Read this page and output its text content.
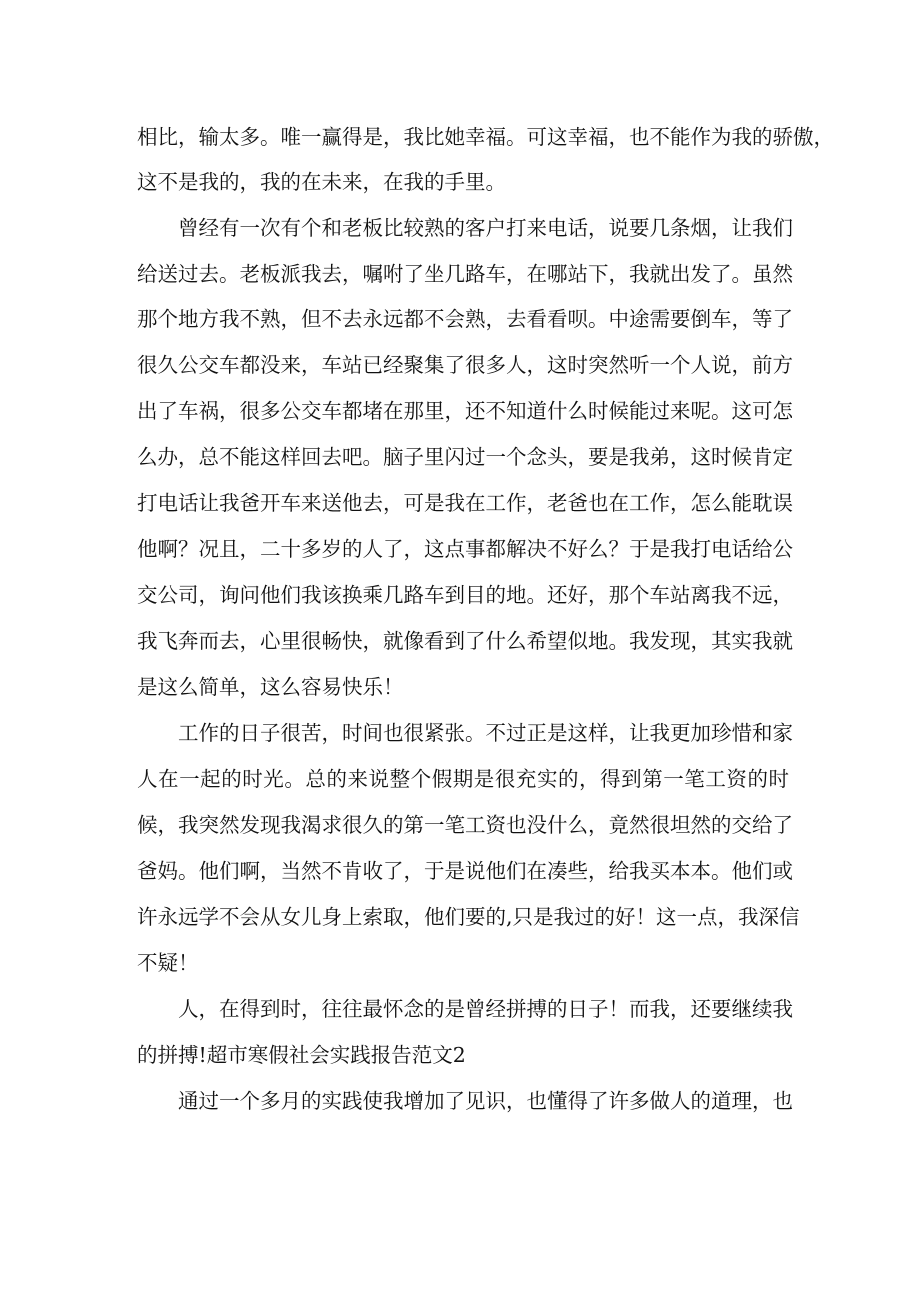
相比，输太多。唯一赢得是，我比她幸福。可这幸福，也不能作为我的骄傲，
这不是我的，我的在未来，在我的手里。
曾经有一次有个和老板比较熟的客户打来电话，说要几条烟，让我们
给送过去。老板派我去，嘱咐了坐几路车，在哪站下，我就出发了。虽然
那个地方我不熟，但不去永远都不会熟，去看看呗。中途需要倒车，等了
很久公交车都没来，车站已经聚集了很多人，这时突然听一个人说，前方
出了车祸，很多公交车都堵在那里，还不知道什么时候能过来呢。这可怎
么办，总不能这样回去吧。脑子里闪过一个念头，要是我弟，这时候肯定
打电话让我爸开车来送他去，可是我在工作，老爸也在工作，怎么能耽误
他啊？况且，二十多岁的人了，这点事都解决不好么？于是我打电话给公
交公司，询问他们我该换乘几路车到目的地。还好，那个车站离我不远，
我飞奔而去，心里很畅快，就像看到了什么希望似地。我发现，其实我就
是这么简单，这么容易快乐！
工作的日子很苦，时间也很紧张。不过正是这样，让我更加珍惜和家
人在一起的时光。总的来说整个假期是很充实的，得到第一笔工资的时
候，我突然发现我渴求很久的第一笔工资也没什么，竟然很坦然的交给了
爸妈。他们啊，当然不肯收了，于是说他们在凑些，给我买本本。他们或
许永远学不会从女儿身上索取，他们要的,只是我过的好！这一点，我深信
不疑！
人，在得到时，往往最怀念的是曾经拼搏的日子！而我，还要继续我
的拼搏!超市寒假社会实践报告范文2
通过一个多月的实践使我增加了见识，也懂得了许多做人的道理，也
